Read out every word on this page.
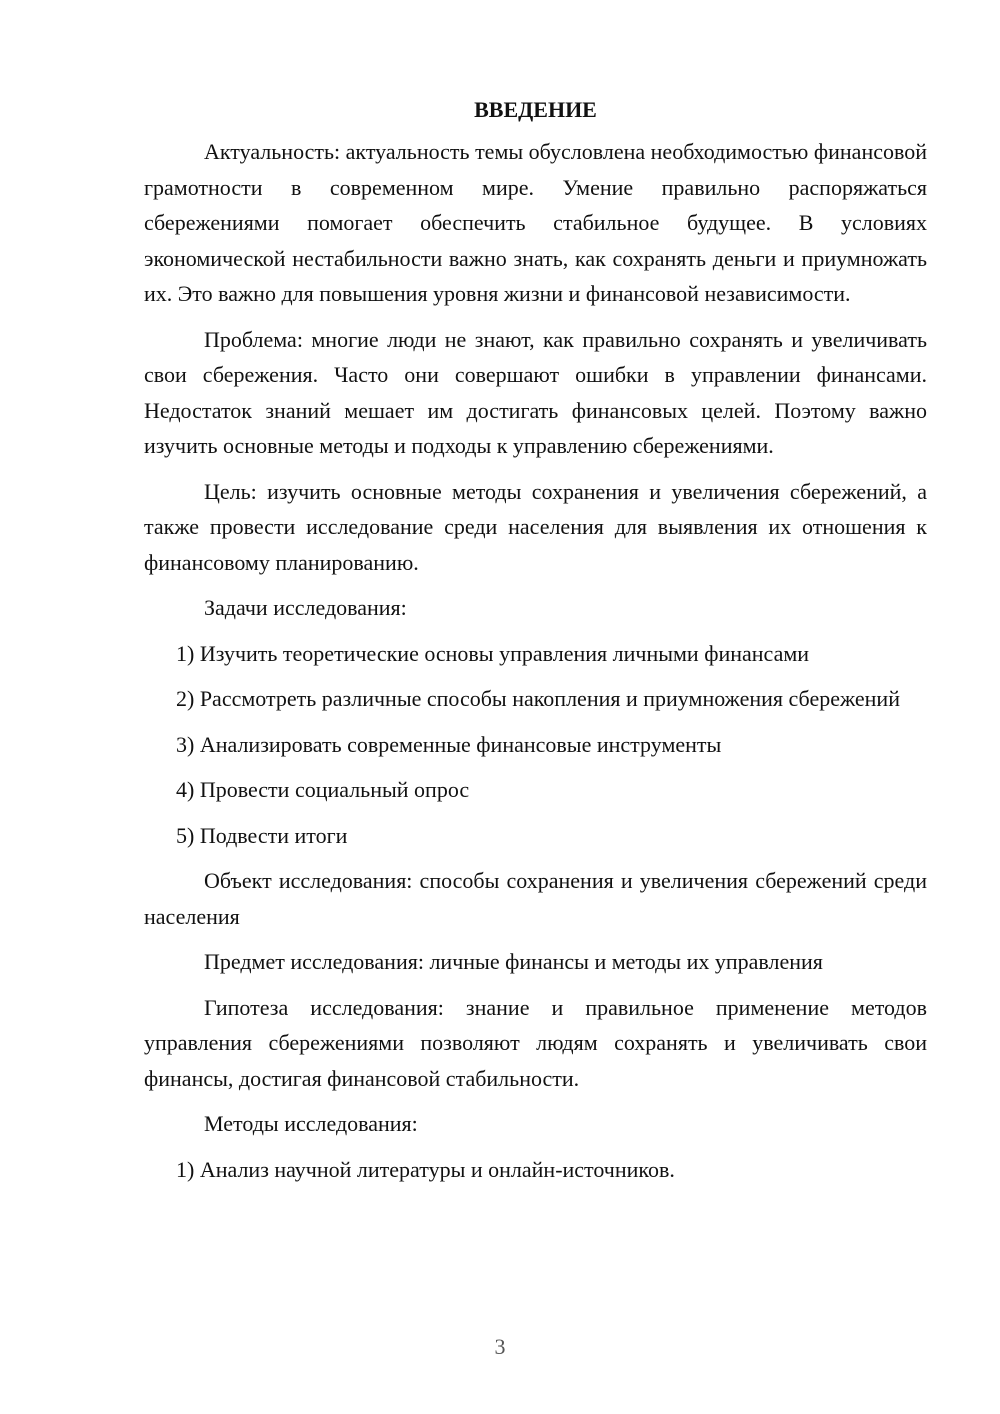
ВВЕДЕНИЕ

Актуальность: актуальность темы обусловлена необходимостью финансовой грамотности в современном мире. Умение правильно распоряжаться сбережениями помогает обеспечить стабильное будущее. В условиях экономической нестабильности важно знать, как сохранять деньги и приумножать их. Это важно для повышения уровня жизни и финансовой независимости.

Проблема: многие люди не знают, как правильно сохранять и увеличивать свои сбережения. Часто они совершают ошибки в управлении финансами. Недостаток знаний мешает им достигать финансовых целей. Поэтому важно изучить основные методы и подходы к управлению сбережениями.

Цель: изучить основные методы сохранения и увеличения сбережений, а также провести исследование среди населения для выявления их отношения к финансовому планированию.

Задачи исследования:

1) Изучить теоретические основы управления личными финансами

2) Рассмотреть различные способы накопления и приумножения сбережений

3) Анализировать современные финансовые инструменты

4) Провести социальный опрос

5) Подвести итоги

Объект исследования: способы сохранения и увеличения сбережений среди населения

Предмет исследования: личные финансы и методы их управления

Гипотеза исследования: знание и правильное применение методов управления сбережениями позволяют людям сохранять и увеличивать свои финансы, достигая финансовой стабильности.

Методы исследования:

1) Анализ научной литературы и онлайн-источников.

3
